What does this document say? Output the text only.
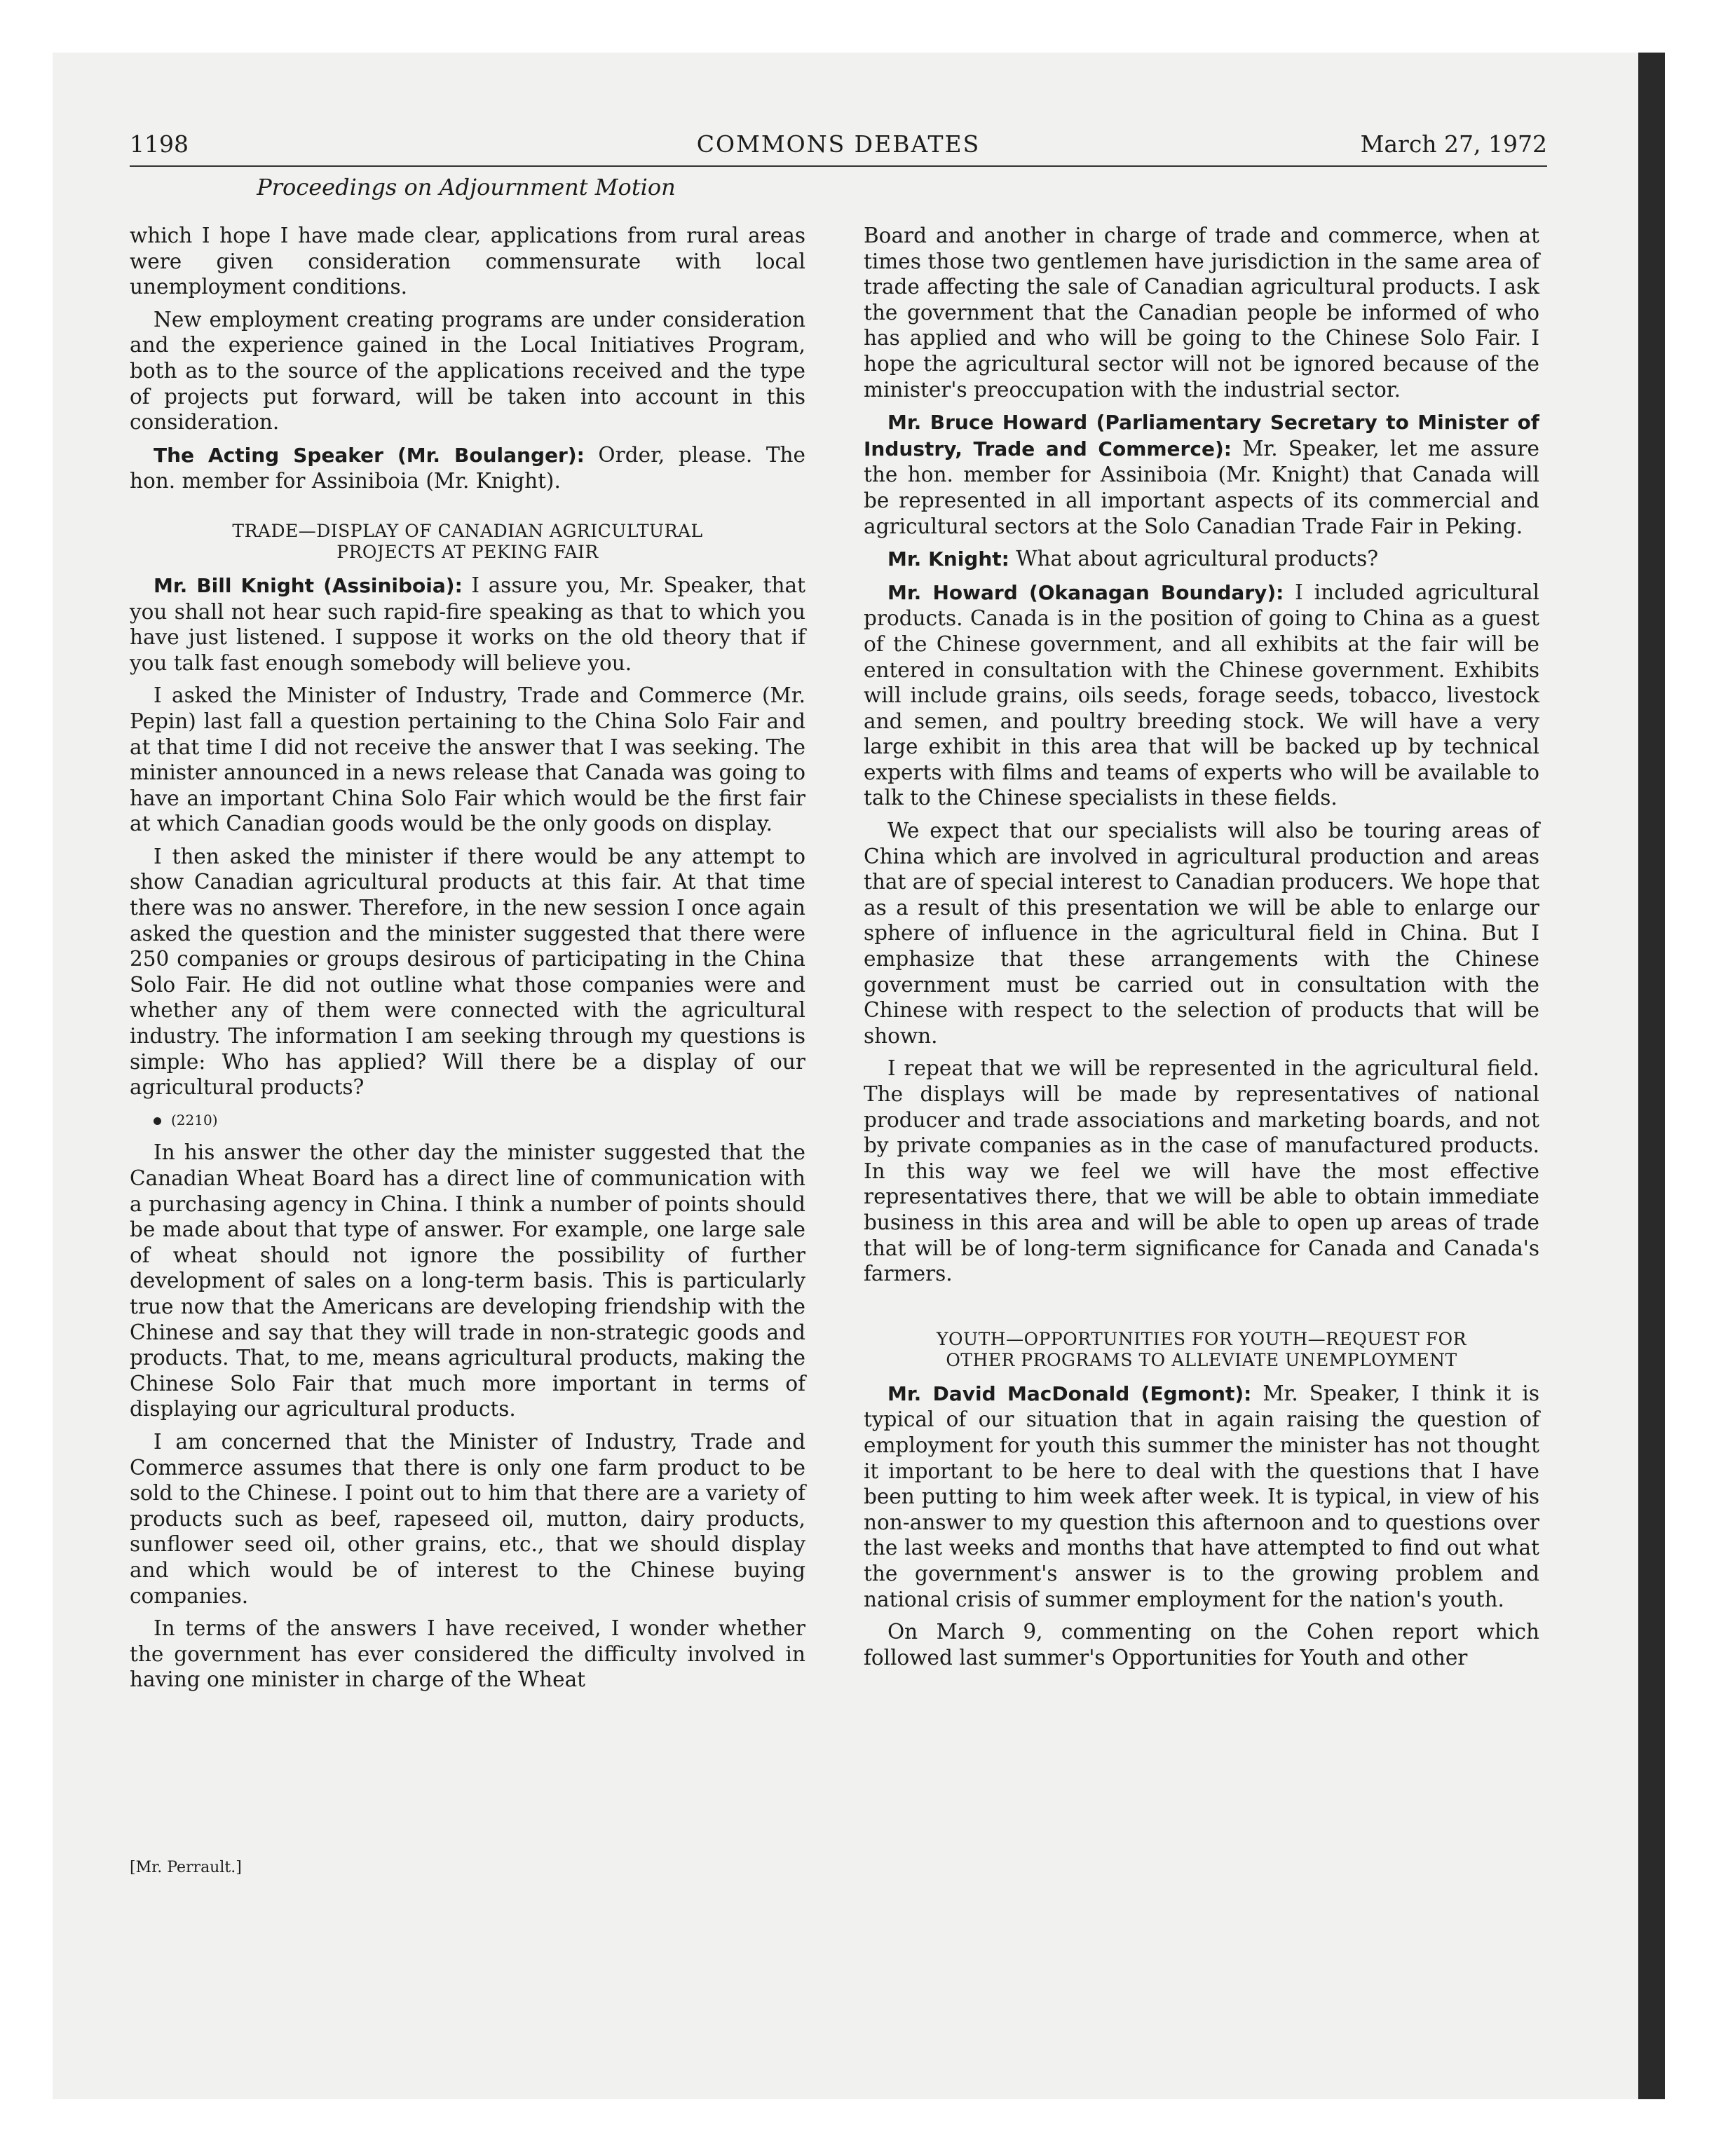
1198	COMMONS DEBATES	March 27, 1972
Proceedings on Adjournment Motion

which I hope I have made clear, applications from rural areas were given consideration commensurate with local unemployment conditions.

New employment creating programs are under consideration and the experience gained in the Local Initiatives Program, both as to the source of the applications received and the type of projects put forward, will be taken into account in this consideration.

The Acting Speaker (Mr. Boulanger): Order, please. The hon. member for Assiniboia (Mr. Knight).

TRADE—DISPLAY OF CANADIAN AGRICULTURAL
PROJECTS AT PEKING FAIR

Mr. Bill Knight (Assiniboia): I assure you, Mr. Speaker, that you shall not hear such rapid-fire speaking as that to which you have just listened. I suppose it works on the old theory that if you talk fast enough somebody will believe you.

I asked the Minister of Industry, Trade and Commerce (Mr. Pepin) last fall a question pertaining to the China Solo Fair and at that time I did not receive the answer that I was seeking. The minister announced in a news release that Canada was going to have an important China Solo Fair which would be the first fair at which Canadian goods would be the only goods on display.

I then asked the minister if there would be any attempt to show Canadian agricultural products at this fair. At that time there was no answer. Therefore, in the new session I once again asked the question and the minister suggested that there were 250 companies or groups desirous of participating in the China Solo Fair. He did not outline what those companies were and whether any of them were connected with the agricultural industry. The information I am seeking through my questions is simple: Who has applied? Will there be a display of our agricultural products?

(2210)

In his answer the other day the minister suggested that the Canadian Wheat Board has a direct line of communication with a purchasing agency in China. I think a number of points should be made about that type of answer. For example, one large sale of wheat should not ignore the possibility of further development of sales on a long-term basis. This is particularly true now that the Americans are developing friendship with the Chinese and say that they will trade in non-strategic goods and products. That, to me, means agricultural products, making the Chinese Solo Fair that much more important in terms of displaying our agricultural products.

I am concerned that the Minister of Industry, Trade and Commerce assumes that there is only one farm product to be sold to the Chinese. I point out to him that there are a variety of products such as beef, rapeseed oil, mutton, dairy products, sunflower seed oil, other grains, etc., that we should display and which would be of interest to the Chinese buying companies.

In terms of the answers I have received, I wonder whether the government has ever considered the difficulty involved in having one minister in charge of the Wheat

Board and another in charge of trade and commerce, when at times those two gentlemen have jurisdiction in the same area of trade affecting the sale of Canadian agricultural products. I ask the government that the Canadian people be informed of who has applied and who will be going to the Chinese Solo Fair. I hope the agricultural sector will not be ignored because of the minister's preoccupation with the industrial sector.

Mr. Bruce Howard (Parliamentary Secretary to Minister of Industry, Trade and Commerce): Mr. Speaker, let me assure the hon. member for Assiniboia (Mr. Knight) that Canada will be represented in all important aspects of its commercial and agricultural sectors at the Solo Canadian Trade Fair in Peking.

Mr. Knight: What about agricultural products?

Mr. Howard (Okanagan Boundary): I included agricultural products. Canada is in the position of going to China as a guest of the Chinese government, and all exhibits at the fair will be entered in consultation with the Chinese government. Exhibits will include grains, oils seeds, forage seeds, tobacco, livestock and semen, and poultry breeding stock. We will have a very large exhibit in this area that will be backed up by technical experts with films and teams of experts who will be available to talk to the Chinese specialists in these fields.

We expect that our specialists will also be touring areas of China which are involved in agricultural production and areas that are of special interest to Canadian producers. We hope that as a result of this presentation we will be able to enlarge our sphere of influence in the agricultural field in China. But I emphasize that these arrangements with the Chinese government must be carried out in consultation with the Chinese with respect to the selection of products that will be shown.

I repeat that we will be represented in the agricultural field. The displays will be made by representatives of national producer and trade associations and marketing boards, and not by private companies as in the case of manufactured products. In this way we feel we will have the most effective representatives there, that we will be able to obtain immediate business in this area and will be able to open up areas of trade that will be of long-term significance for Canada and Canada's farmers.

YOUTH—OPPORTUNITIES FOR YOUTH—REQUEST FOR
OTHER PROGRAMS TO ALLEVIATE UNEMPLOYMENT

Mr. David MacDonald (Egmont): Mr. Speaker, I think it is typical of our situation that in again raising the question of employment for youth this summer the minister has not thought it important to be here to deal with the questions that I have been putting to him week after week. It is typical, in view of his non-answer to my question this afternoon and to questions over the last weeks and months that have attempted to find out what the government's answer is to the growing problem and national crisis of summer employment for the nation's youth.

On March 9, commenting on the Cohen report which followed last summer's Opportunities for Youth and other

[Mr. Perrault.]
